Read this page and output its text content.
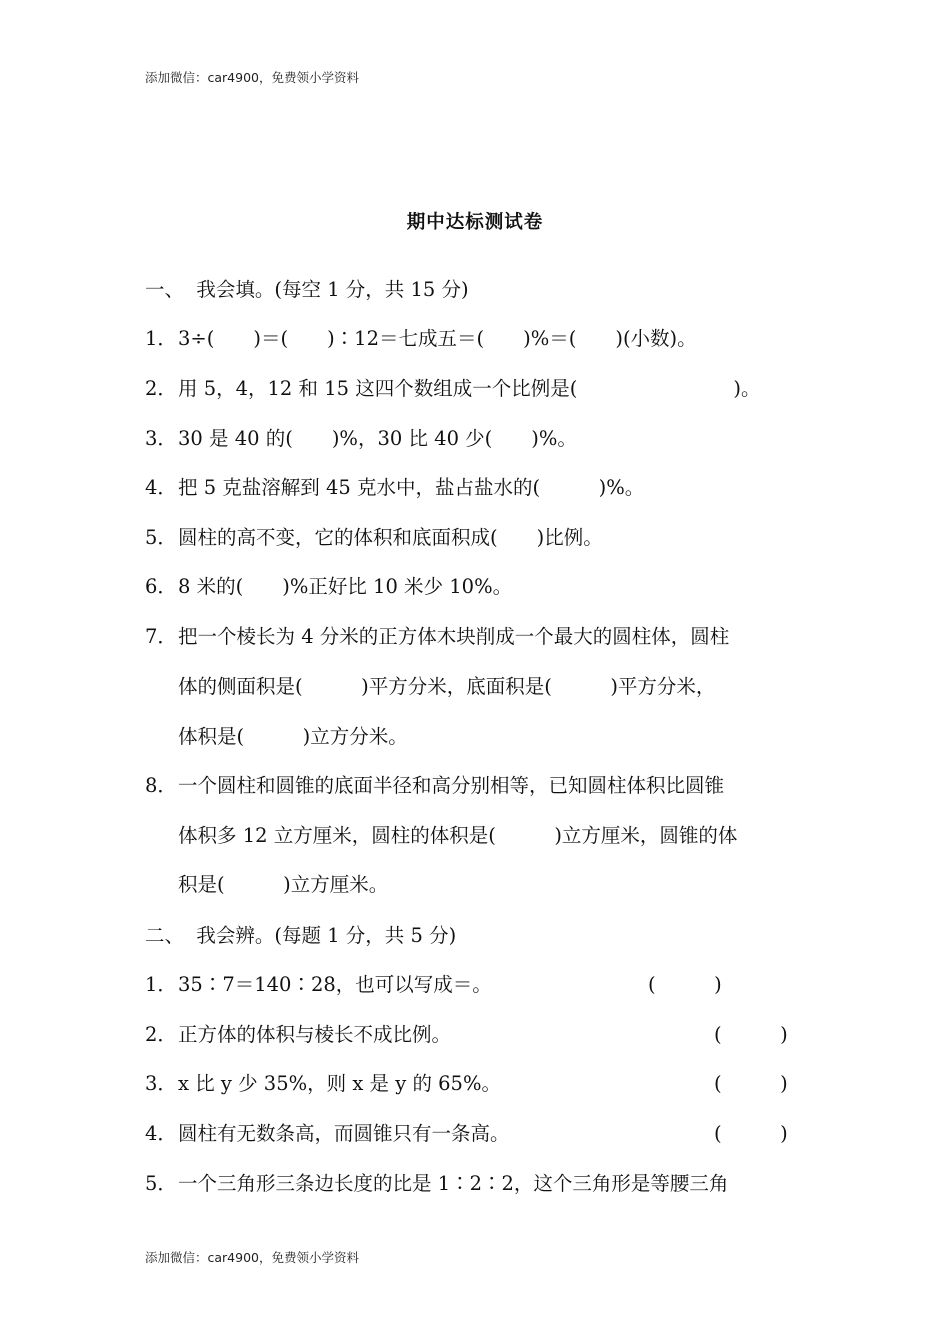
添加微信：car4900，免费领小学资料
期中达标测试卷
一、  我会填。(每空 1 分，共 15 分)
1．3÷(　　)＝(　　)∶12＝七成五＝(　　)%＝(　　)(小数)。
2．用 5，4，12 和 15 这四个数组成一个比例是(　　　　　　　　)。
3．30 是 40 的(　　)%，30 比 40 少(　　)%。
4．把 5 克盐溶解到 45 克水中，盐占盐水的(　　　)%。
5．圆柱的高不变，它的体积和底面积成(　　)比例。
6．8 米的(　　)%正好比 10 米少 10%。
7．把一个棱长为 4 分米的正方体木块削成一个最大的圆柱体，圆柱
体的侧面积是(　　　)平方分米，底面积是(　　　)平方分米，
体积是(　　　)立方分米。
8．一个圆柱和圆锥的底面半径和高分别相等，已知圆柱体积比圆锥
体积多 12 立方厘米，圆柱的体积是(　　　)立方厘米，圆锥的体
积是(　　　)立方厘米。
二、  我会辨。(每题 1 分，共 5 分)
1．35∶7＝140∶28，也可以写成＝。	(　　　)
2．正方体的体积与棱长不成比例。	(　　　)
3．x 比 y 少 35%，则 x 是 y 的 65%。	(　　　)
4．圆柱有无数条高，而圆锥只有一条高。	(　　　)
5．一个三角形三条边长度的比是 1∶2∶2，这个三角形是等腰三角
添加微信：car4900，免费领小学资料
